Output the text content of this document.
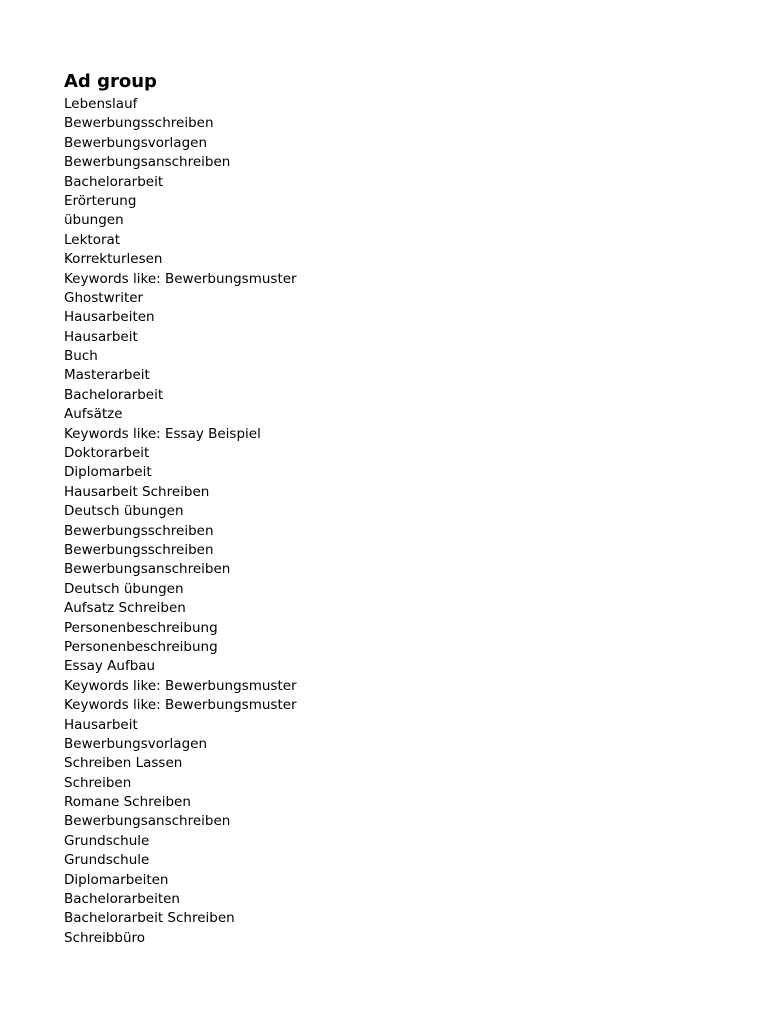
Ad group
Lebenslauf
Bewerbungsschreiben
Bewerbungsvorlagen
Bewerbungsanschreiben
Bachelorarbeit
Erörterung
übungen
Lektorat
Korrekturlesen
Keywords like: Bewerbungsmuster
Ghostwriter
Hausarbeiten
Hausarbeit
Buch
Masterarbeit
Bachelorarbeit
Aufsätze
Keywords like: Essay Beispiel
Doktorarbeit
Diplomarbeit
Hausarbeit Schreiben
Deutsch übungen
Bewerbungsschreiben
Bewerbungsschreiben
Bewerbungsanschreiben
Deutsch übungen
Aufsatz Schreiben
Personenbeschreibung
Personenbeschreibung
Essay Aufbau
Keywords like: Bewerbungsmuster
Keywords like: Bewerbungsmuster
Hausarbeit
Bewerbungsvorlagen
Schreiben Lassen
Schreiben
Romane Schreiben
Bewerbungsanschreiben
Grundschule
Grundschule
Diplomarbeiten
Bachelorarbeiten
Bachelorarbeit Schreiben
Schreibbüro
